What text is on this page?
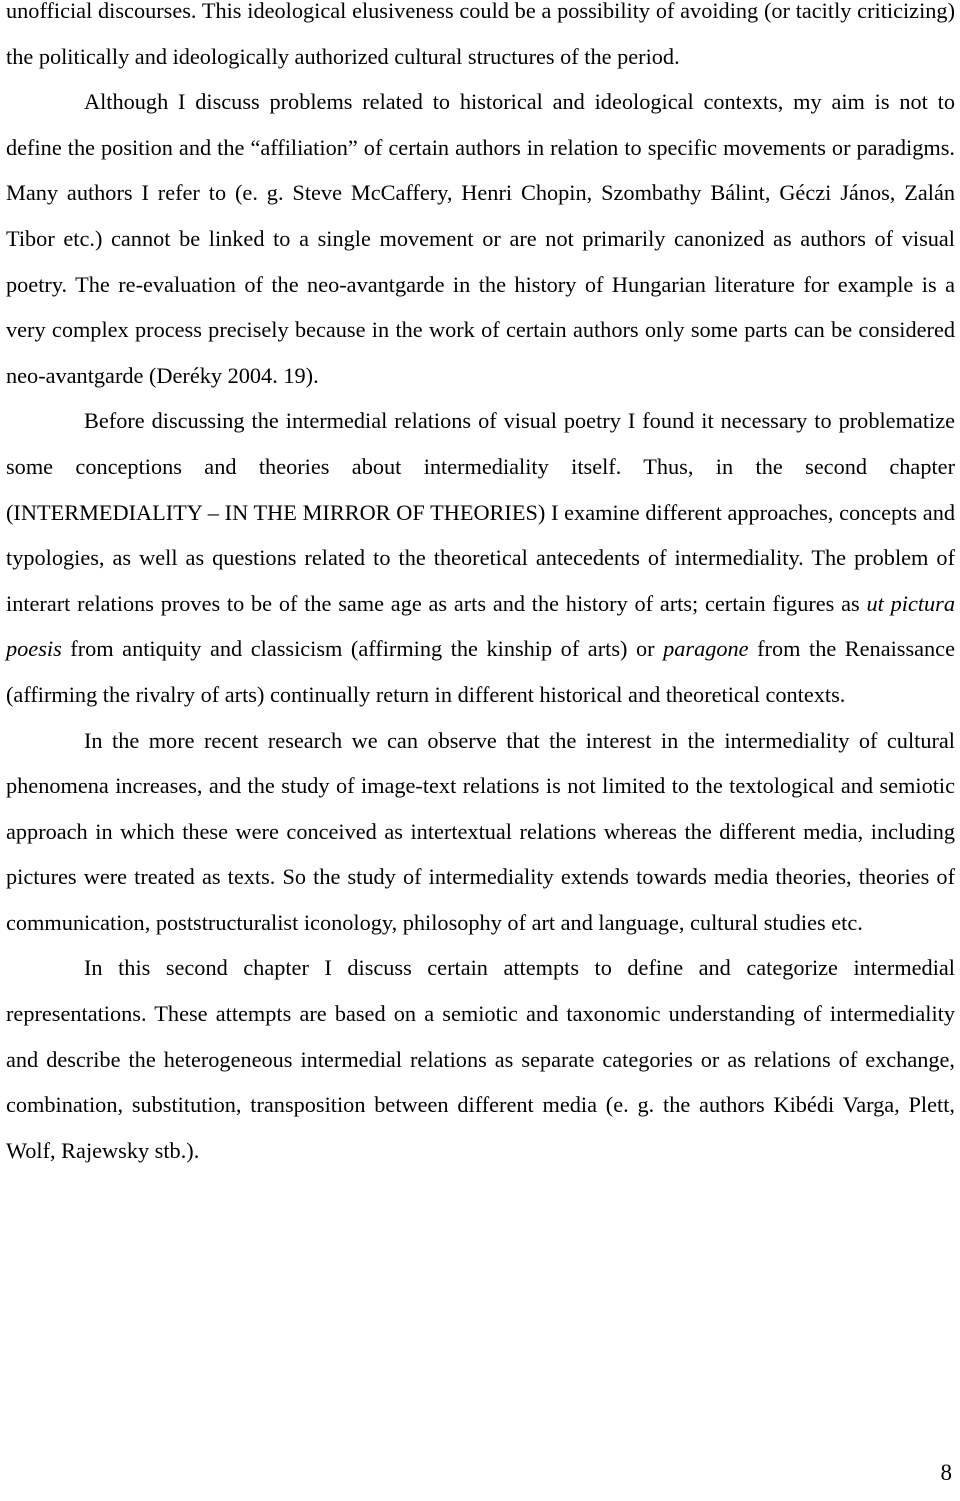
unofficial discourses. This ideological elusiveness could be a possibility of avoiding (or tacitly criticizing) the politically and ideologically authorized cultural structures of the period.

Although I discuss problems related to historical and ideological contexts, my aim is not to define the position and the “affiliation” of certain authors in relation to specific movements or paradigms. Many authors I refer to (e. g. Steve McCaffery, Henri Chopin, Szombathy Bálint, Géczi János, Zalán Tibor etc.) cannot be linked to a single movement or are not primarily canonized as authors of visual poetry. The re-evaluation of the neo-avantgarde in the history of Hungarian literature for example is a very complex process precisely because in the work of certain authors only some parts can be considered neo-avantgarde (Deréky 2004. 19).

Before discussing the intermedial relations of visual poetry I found it necessary to problematize some conceptions and theories about intermediality itself. Thus, in the second chapter (INTERMEDIALITY – IN THE MIRROR OF THEORIES) I examine different approaches, concepts and typologies, as well as questions related to the theoretical antecedents of intermediality. The problem of interart relations proves to be of the same age as arts and the history of arts; certain figures as ut pictura poesis from antiquity and classicism (affirming the kinship of arts) or paragone from the Renaissance (affirming the rivalry of arts) continually return in different historical and theoretical contexts.

In the more recent research we can observe that the interest in the intermediality of cultural phenomena increases, and the study of image-text relations is not limited to the textological and semiotic approach in which these were conceived as intertextual relations whereas the different media, including pictures were treated as texts. So the study of intermediality extends towards media theories, theories of communication, poststructuralist iconology, philosophy of art and language, cultural studies etc.

In this second chapter I discuss certain attempts to define and categorize intermedial representations. These attempts are based on a semiotic and taxonomic understanding of intermediality and describe the heterogeneous intermedial relations as separate categories or as relations of exchange, combination, substitution, transposition between different media (e. g. the authors Kibédi Varga, Plett, Wolf, Rajewsky stb.).

8
